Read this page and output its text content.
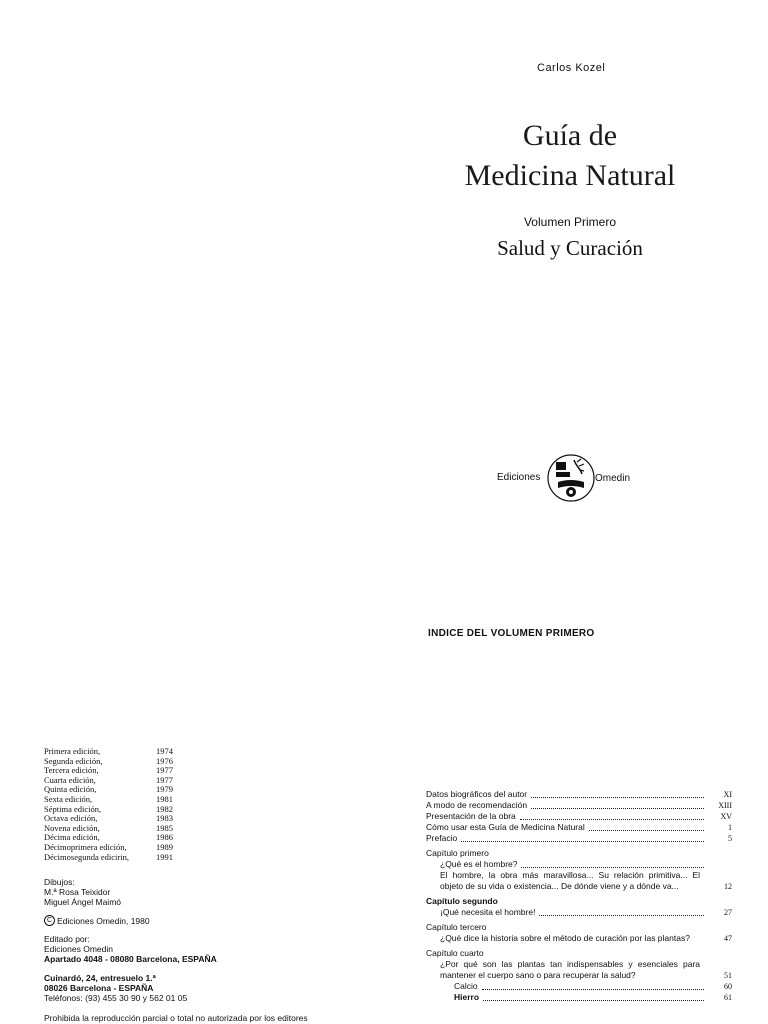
Carlos Kozel
Guía de
Medicina Natural
Volumen Primero
Salud y Curación
Ediciones	Omedin
INDICE DEL VOLUMEN PRIMERO
Primera edición,	1974
Segunda edición,	1976
Tercera edición,	1977
Cuarta edición,	1977
Quinta edición,	1979
Sexta edición,	1981
Séptima edición,	1982
Octava edición,	1983
Novena edición,	1985
Décima edición,	1986
Décimoprimera edición,	1989
Décimosegunda edicirin,	1991
Dibujos:
M.ª Rosa Teixidor
Miguel Ángel Maimó
C Ediciones Omedin, 1980
Editado por:
Ediciones Omedin
Apartado 4048 - 08080 Barcelona, ESPAÑA
Cuinardó, 24, entresuelo 1.ª
08026 Barcelona - ESPAÑA
Teléfonos: (93) 455 30 90 y 562 01 05
Prohibida la reproducción parcial o total no autorizada por los editores
Datos biográficos del autor	XI
A modo de recomendación	XIII
Presentación de la obra	XV
Cómo usar esta Guía de Medicina Natural	1
Prefacio	5
Capítulo primero
¿Qué es el hombre?
El hombre, la obra más maravillosa... Su relación primitiva... El objeto de su vida o existencia... De dónde viene y a dónde va...	12
Capítulo segundo
¡Qué necesita el hombre!	27
Capítulo tercero
¿Qué dice la historia sobre el método de curación por las plantas?	47
Capítulo cuarto
¿Por qué son las plantas tan indispensables y esenciales para mantener el cuerpo sano o para recuperar la salud?	51
Calcio	60
Hierro	61
